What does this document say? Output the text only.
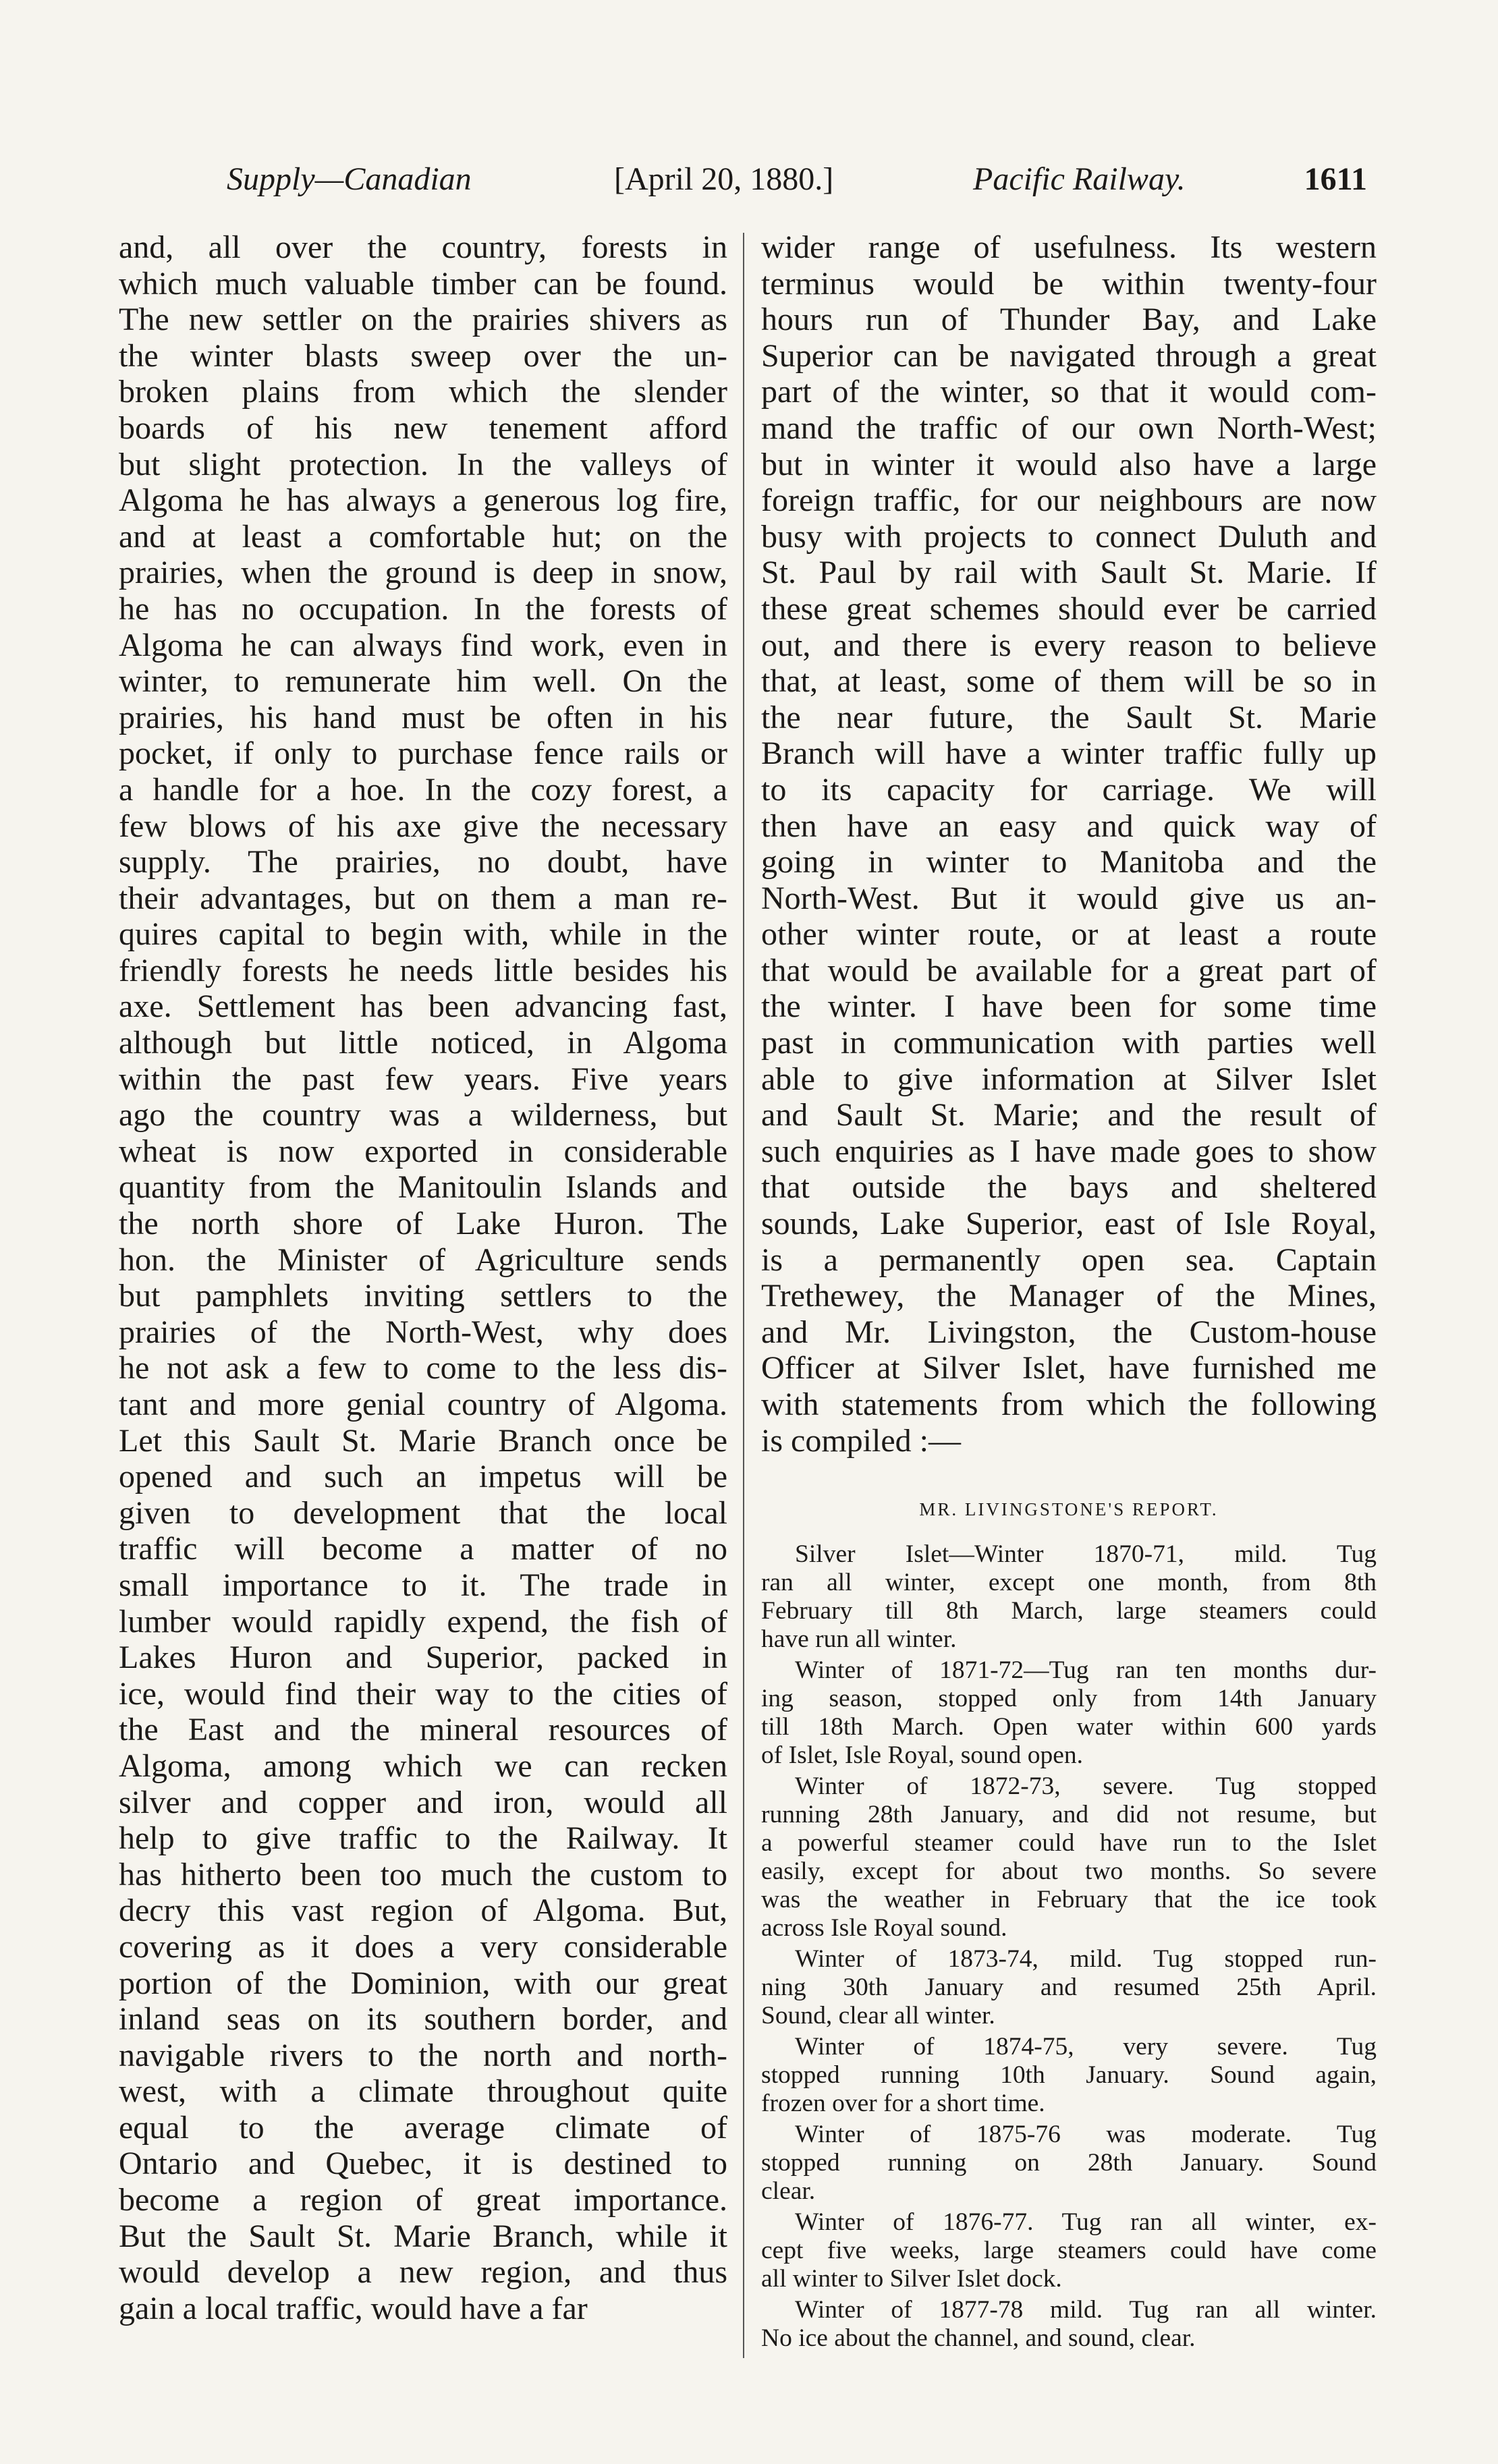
Supply—Canadian	[April 20, 1880.]	Pacific Railway.	1611
and, all over the country, forests in
which much valuable timber can be found.
The new settler on the prairies shivers as
the winter blasts sweep over the un-
broken plains from which the slender
boards of his new tenement afford
but slight protection. In the valleys of
Algoma he has always a generous log fire,
and at least a comfortable hut; on the
prairies, when the ground is deep in snow,
he has no occupation. In the forests of
Algoma he can always find work, even in
winter, to remunerate him well. On the
prairies, his hand must be often in his
pocket, if only to purchase fence rails or
a handle for a hoe. In the cozy forest, a
few blows of his axe give the necessary
supply. The prairies, no doubt, have
their advantages, but on them a man re-
quires capital to begin with, while in the
friendly forests he needs little besides his
axe. Settlement has been advancing fast,
although but little noticed, in Algoma
within the past few years. Five years
ago the country was a wilderness, but
wheat is now exported in considerable
quantity from the Manitoulin Islands and
the north shore of Lake Huron. The
hon. the Minister of Agriculture sends
but pamphlets inviting settlers to the
prairies of the North-West, why does
he not ask a few to come to the less dis-
tant and more genial country of Algoma.
Let this Sault St. Marie Branch once be
opened and such an impetus will be
given to development that the local
traffic will become a matter of no
small importance to it. The trade in
lumber would rapidly expend, the fish of
Lakes Huron and Superior, packed in
ice, would find their way to the cities of
the East and the mineral resources of
Algoma, among which we can recken
silver and copper and iron, would all
help to give traffic to the Railway. It
has hitherto been too much the custom to
decry this vast region of Algoma. But,
covering as it does a very considerable
portion of the Dominion, with our great
inland seas on its southern border, and
navigable rivers to the north and north-
west, with a climate throughout quite
equal to the average climate of
Ontario and Quebec, it is destined to
become a region of great importance.
But the Sault St. Marie Branch, while it
would develop a new region, and thus
gain a local traffic, would have a far
wider range of usefulness. Its western
terminus would be within twenty-four
hours run of Thunder Bay, and Lake
Superior can be navigated through a great
part of the winter, so that it would com-
mand the traffic of our own North-West;
but in winter it would also have a large
foreign traffic, for our neighbours are now
busy with projects to connect Duluth and
St. Paul by rail with Sault St. Marie. If
these great schemes should ever be carried
out, and there is every reason to believe
that, at least, some of them will be so in
the near future, the Sault St. Marie
Branch will have a winter traffic fully up
to its capacity for carriage. We will
then have an easy and quick way of
going in winter to Manitoba and the
North-West. But it would give us an-
other winter route, or at least a route
that would be available for a great part of
the winter. I have been for some time
past in communication with parties well
able to give information at Silver Islet
and Sault St. Marie; and the result of
such enquiries as I have made goes to show
that outside the bays and sheltered
sounds, Lake Superior, east of Isle Royal,
is a permanently open sea. Captain
Trethewey, the Manager of the Mines,
and Mr. Livingston, the Custom-house
Officer at Silver Islet, have furnished me
with statements from which the following
is compiled :—
MR. LIVINGSTONE'S REPORT.
Silver Islet—Winter 1870-71, mild. Tug
ran all winter, except one month, from 8th
February till 8th March, large steamers could
have run all winter.
Winter of 1871-72—Tug ran ten months dur-
ing season, stopped only from 14th January
till 18th March. Open water within 600 yards
of Islet, Isle Royal, sound open.
Winter of 1872-73, severe. Tug stopped
running 28th January, and did not resume, but
a powerful steamer could have run to the Islet
easily, except for about two months. So severe
was the weather in February that the ice took
across Isle Royal sound.
Winter of 1873-74, mild. Tug stopped run-
ning 30th January and resumed 25th April.
Sound, clear all winter.
Winter of 1874-75, very severe. Tug
stopped running 10th January. Sound again,
frozen over for a short time.
Winter of 1875-76 was moderate. Tug
stopped running on 28th January. Sound
clear.
Winter of 1876-77. Tug ran all winter, ex-
cept five weeks, large steamers could have come
all winter to Silver Islet dock.
Winter of 1877-78 mild. Tug ran all winter.
No ice about the channel, and sound, clear.
